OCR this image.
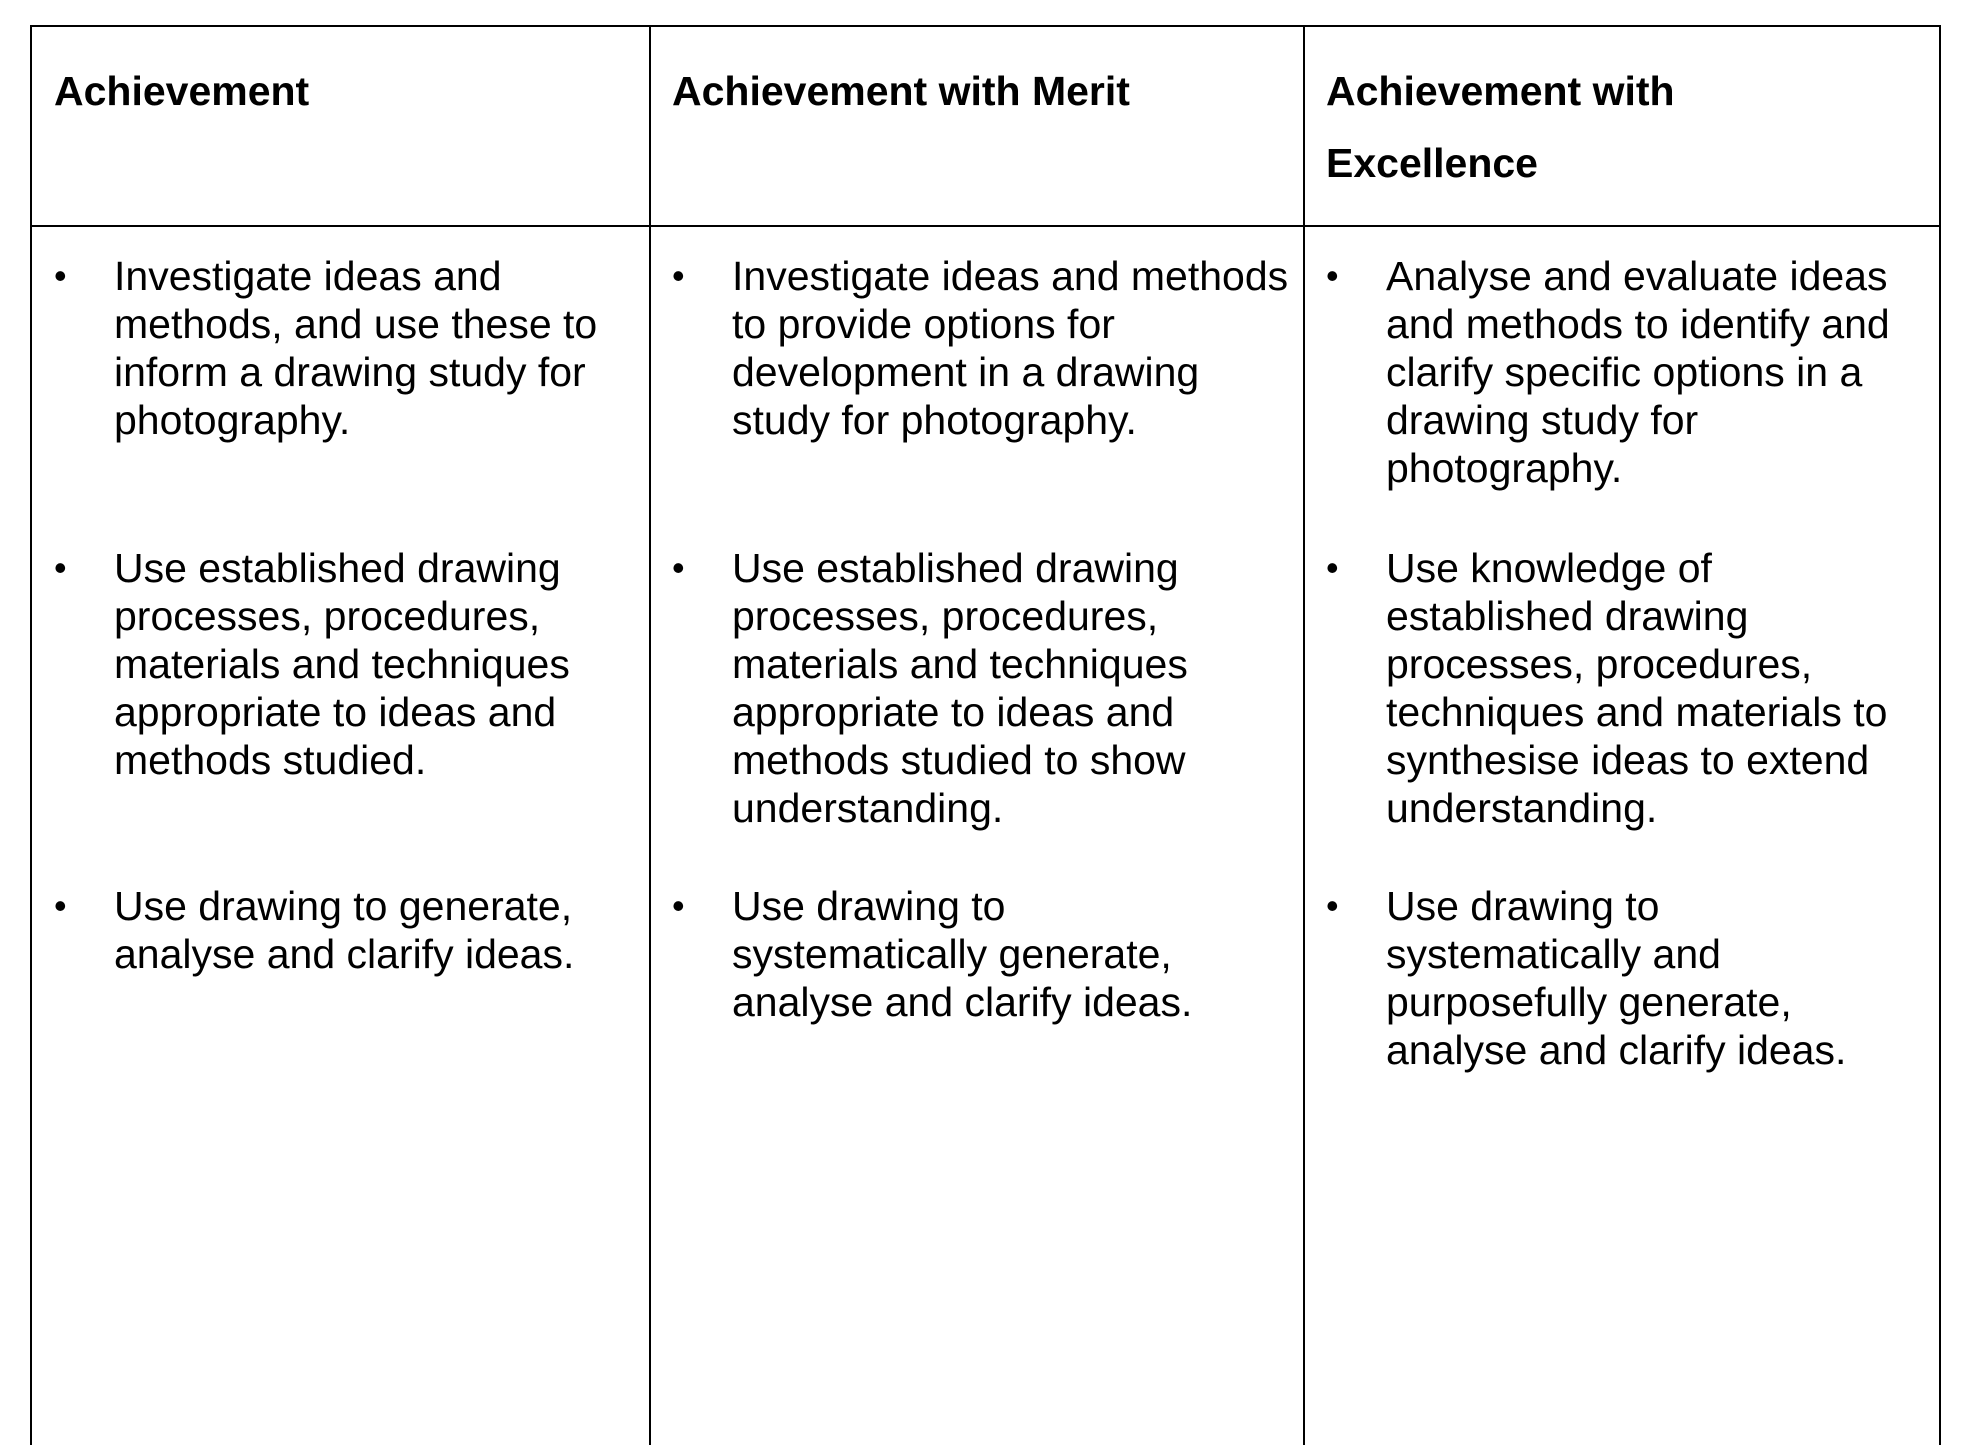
Achievement	Achievement with Merit	Achievement with Excellence
• Investigate ideas and methods, and use these to inform a drawing study for photography.
• Use established drawing processes, procedures, materials and techniques appropriate to ideas and methods studied.
• Use drawing to generate, analyse and clarify ideas.
• Investigate ideas and methods to provide options for development in a drawing study for photography.
• Use established drawing processes, procedures, materials and techniques appropriate to ideas and methods studied to show understanding.
• Use drawing to systematically generate, analyse and clarify ideas.
• Analyse and evaluate ideas and methods to identify and clarify specific options in a drawing study for photography.
• Use knowledge of established drawing processes, procedures, techniques and materials to synthesise ideas to extend understanding.
• Use drawing to systematically and purposefully generate, analyse and clarify ideas.
